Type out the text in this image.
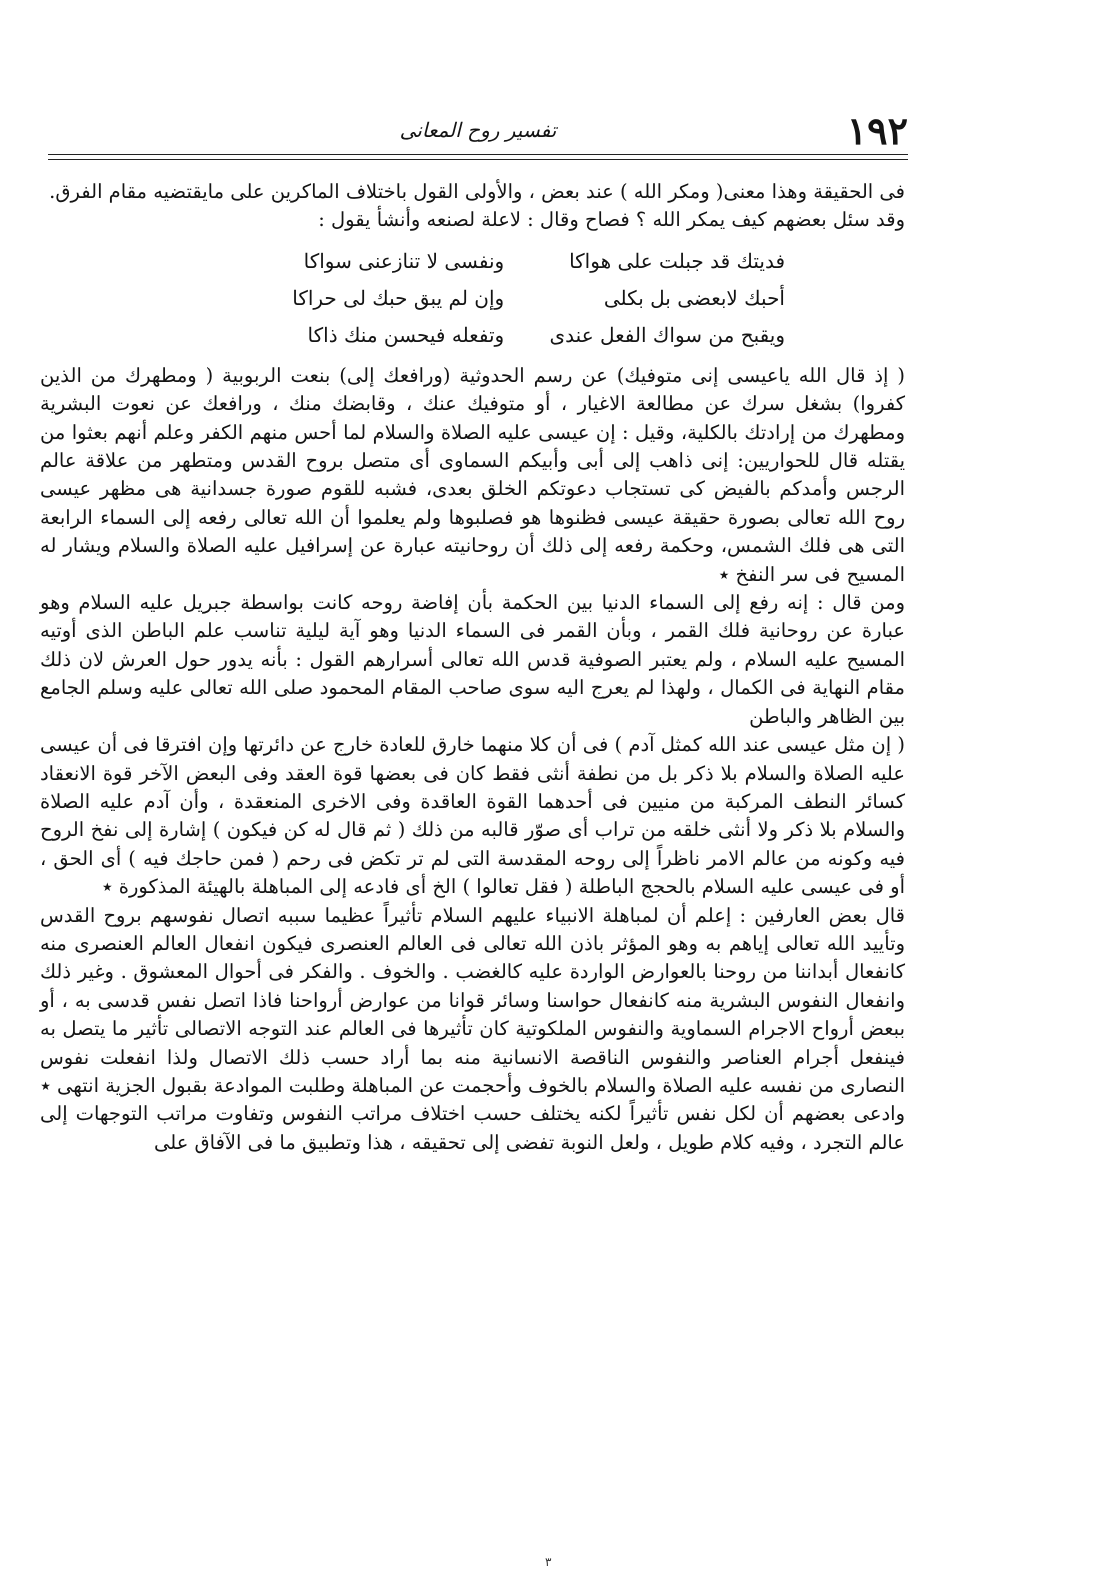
١٩٢
تفسير روح المعانى

فى الحقيقة وهذا معنى( ومكر الله ) عند بعض ، والأولى القول باختلاف الماكرين على مايقتضيه مقام الفرق.

وقد سئل بعضهم كيف يمكر الله ؟ فصاح وقال : لاعلة لصنعه وأنشأ يقول :

فديتك قد جبلت على هواكا
ونفسى لا تنازعنى سواكا
أحبك لابعضى بل بكلى
وإن لم يبق حبك لى حراكا
ويقبح من سواك الفعل عندى
وتفعله فيحسن منك ذاكا

( إذ قال الله ياعيسى إنى متوفيك) عن رسم الحدوثية (ورافعك إلى) بنعت الربوبية ( ومطهرك من الذين كفروا) بشغل سرك عن مطالعة الاغيار ، أو متوفيك عنك ، وقابضك منك ، ورافعك عن نعوت البشرية ومطهرك من إرادتك بالكلية، وقيل : إن عيسى عليه الصلاة والسلام لما أحس منهم الكفر وعلم أنهم بعثوا من يقتله قال للحواريين: إنى ذاهب إلى أبى وأبيكم السماوى أى متصل بروح القدس ومتطهر من علاقة عالم الرجس وأمدكم بالفيض كى تستجاب دعوتكم الخلق بعدى، فشبه للقوم صورة جسدانية هى مظهر عيسى روح الله تعالى بصورة حقيقة عيسى فظنوها هو فصلبوها ولم يعلموا أن الله تعالى رفعه إلى السماء الرابعة التى هى فلك الشمس، وحكمة رفعه إلى ذلك أن روحانيته عبارة عن إسرافيل عليه الصلاة والسلام ويشار له المسيح فى سر النفخ ٭

ومن قال : إنه رفع إلى السماء الدنيا بين الحكمة بأن إفاضة روحه كانت بواسطة جبريل عليه السلام وهو عبارة عن روحانية فلك القمر ، وبأن القمر فى السماء الدنيا وهو آية ليلية تناسب علم الباطن الذى أوتيه المسيح عليه السلام ، ولم يعتبر الصوفية قدس الله تعالى أسرارهم القول : بأنه يدور حول العرش لان ذلك مقام النهاية فى الكمال ، ولهذا لم يعرج اليه سوى صاحب المقام المحمود صلى الله تعالى عليه وسلم الجامع بين الظاهر والباطن

( إن مثل عيسى عند الله كمثل آدم ) فى أن كلا منهما خارق للعادة خارج عن دائرتها وإن افترقا فى أن عيسى عليه الصلاة والسلام بلا ذكر بل من نطفة أنثى فقط كان فى بعضها قوة العقد وفى البعض الآخر قوة الانعقاد كسائر النطف المركبة من منيين فى أحدهما القوة العاقدة وفى الاخرى المنعقدة ، وأن آدم عليه الصلاة والسلام بلا ذكر ولا أنثى خلقه من تراب أى صوّر قالبه من ذلك ( ثم قال له كن فيكون ) إشارة إلى نفخ الروح فيه وكونه من عالم الامر ناظراً إلى روحه المقدسة التى لم تر تكض فى رحم ( فمن حاجك فيه ) أى الحق ، أو فى عيسى عليه السلام بالحجج الباطلة ( فقل تعالوا ) الخ أى فادعه إلى المباهلة بالهيئة المذكورة ٭

قال بعض العارفين : إعلم أن لمباهلة الانبياء عليهم السلام تأثيراً عظيما سببه اتصال نفوسهم بروح القدس وتأييد الله تعالى إياهم به وهو المؤثر باذن الله تعالى فى العالم العنصرى فيكون انفعال العالم العنصرى منه كانفعال أبداننا من روحنا بالعوارض الواردة عليه كالغضب . والخوف . والفكر فى أحوال المعشوق . وغير ذلك وانفعال النفوس البشرية منه كانفعال حواسنا وسائر قوانا من عوارض أرواحنا فاذا اتصل نفس قدسى به ، أو ببعض أرواح الاجرام السماوية والنفوس الملكوتية كان تأثيرها فى العالم عند التوجه الاتصالى تأثير ما يتصل به فينفعل أجرام العناصر والنفوس الناقصة الانسانية منه بما أراد حسب ذلك الاتصال ولذا انفعلت نفوس النصارى من نفسه عليه الصلاة والسلام بالخوف وأحجمت عن المباهلة وطلبت الموادعة بقبول الجزية انتهى ٭

وادعى بعضهم أن لكل نفس تأثيراً لكنه يختلف حسب اختلاف مراتب النفوس وتفاوت مراتب التوجهات إلى عالم التجرد ، وفيه كلام طويل ، ولعل النوبة تفضى إلى تحقيقه ، هذا وتطبيق ما فى الآفاق على

٣
